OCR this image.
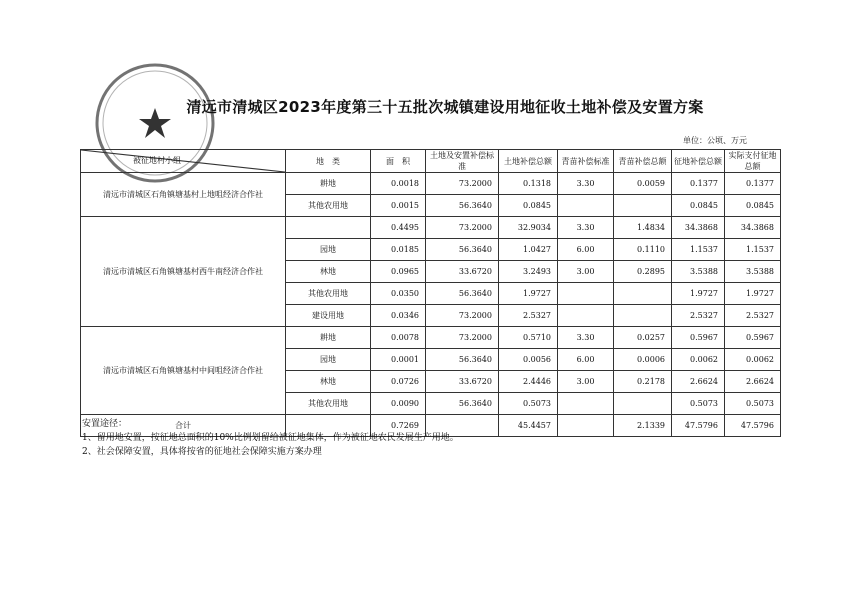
清远市清城区2023年度第三十五批次城镇建设用地征收土地补偿及安置方案
单位：公顷、万元
被征地村小组	地　类	面　积	土地及安置补偿标准	土地补偿总额	青苗补偿标准	青苗补偿总额	征地补偿总额	实际支付征地总额
清远市清城区石角镇塘基村上地咀经济合作社	耕地	0.0018	73.2000	0.1318	3.30	0.0059	0.1377	0.1377
	其他农用地	0.0015	56.3640	0.0845			0.0845	0.0845
清远市清城区石角镇塘基村西牛南经济合作社		0.4495	73.2000	32.9034	3.30	1.4834	34.3868	34.3868
	园地	0.0185	56.3640	1.0427	6.00	0.1110	1.1537	1.1537
	林地	0.0965	33.6720	3.2493	3.00	0.2895	3.5388	3.5388
	其他农用地	0.0350	56.3640	1.9727			1.9727	1.9727
	建设用地	0.0346	73.2000	2.5327			2.5327	2.5327
清远市清城区石角镇塘基村中间咀经济合作社	耕地	0.0078	73.2000	0.5710	3.30	0.0257	0.5967	0.5967
	园地	0.0001	56.3640	0.0056	6.00	0.0006	0.0062	0.0062
	林地	0.0726	33.6720	2.4446	3.00	0.2178	2.6624	2.6624
	其他农用地	0.0090	56.3640	0.5073			0.5073	0.5073
合计		0.7269		45.4457		2.1339	47.5796	47.5796
安置途径：
1、留用地安置，按征地总面积的10%比例划留给被征地集体，作为被征地农民发展生产用地。
2、社会保障安置，具体将按省的征地社会保障实施方案办理
